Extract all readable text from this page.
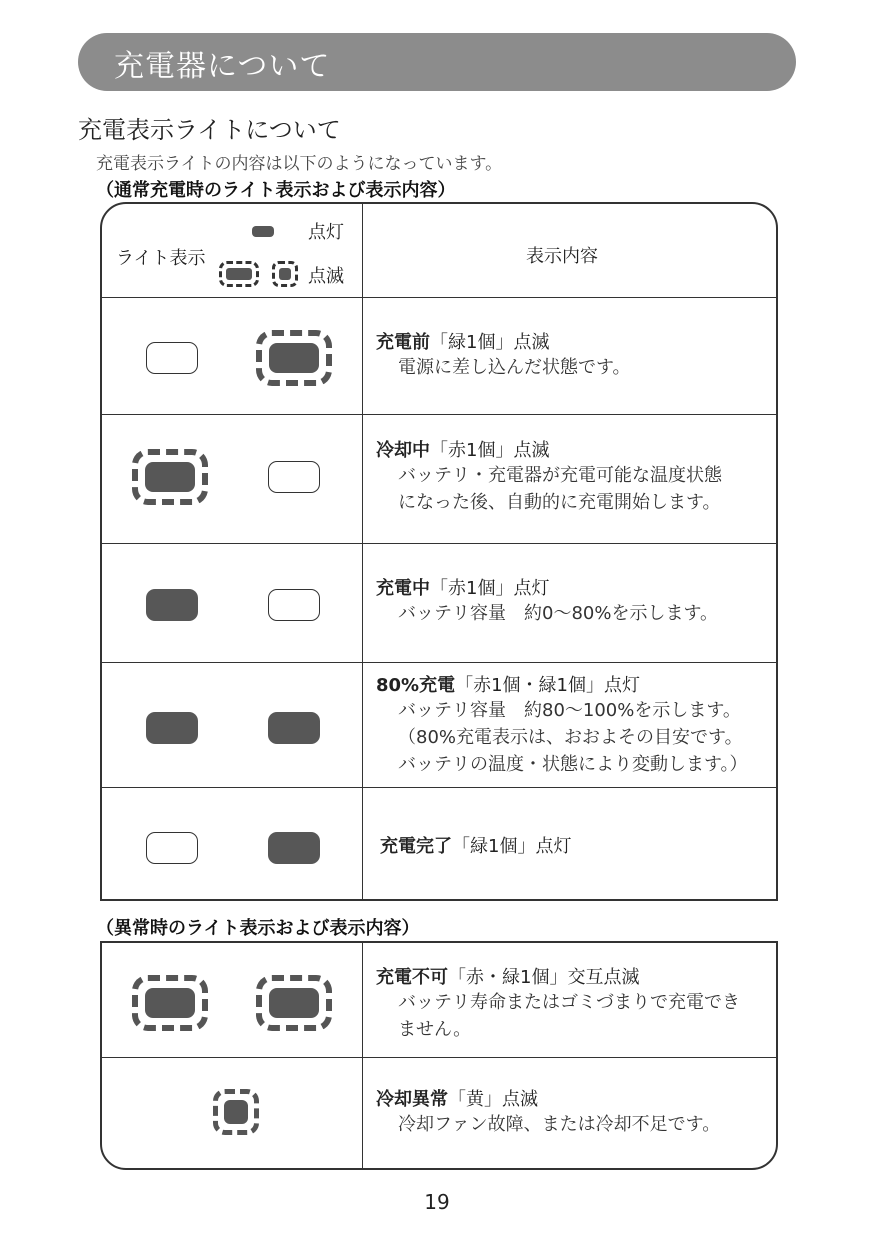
充電器について
充電表示ライトについて
充電表示ライトの内容は以下のようになっています。
（通常充電時のライト表示および表示内容）
ライト表示
点灯
点滅
表示内容
充電前「緑1個」点滅
電源に差し込んだ状態です。
冷却中「赤1個」点滅
バッテリ・充電器が充電可能な温度状態
になった後、自動的に充電開始します。
充電中「赤1個」点灯
バッテリ容量　約0～80%を示します。
80%充電「赤1個・緑1個」点灯
バッテリ容量　約80～100%を示します。
（80%充電表示は、おおよその目安です。
バッテリの温度・状態により変動します。）
充電完了「緑1個」点灯
（異常時のライト表示および表示内容）
充電不可「赤・緑1個」交互点滅
バッテリ寿命またはゴミづまりで充電でき
ません。
冷却異常「黄」点滅
冷却ファン故障、または冷却不足です。
19
